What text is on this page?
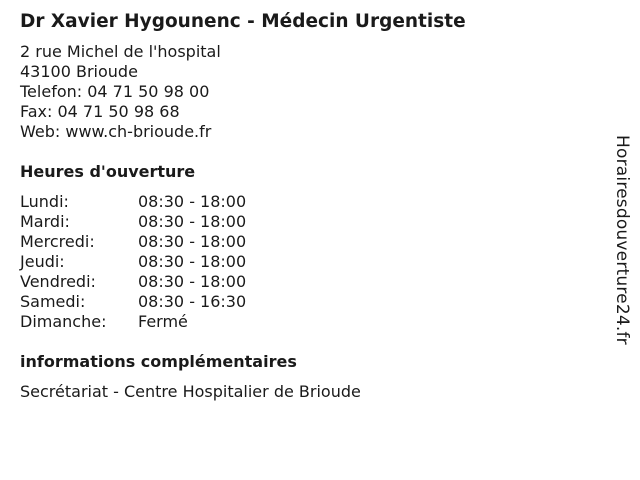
Dr Xavier Hygounenc - Médecin Urgentiste
2 rue Michel de l'hospital
43100 Brioude
Telefon: 04 71 50 98 00
Fax: 04 71 50 98 68
Web: www.ch-brioude.fr
Heures d'ouverture
Lundi:	08:30 - 18:00
Mardi:	08:30 - 18:00
Mercredi:	08:30 - 18:00
Jeudi:	08:30 - 18:00
Vendredi:	08:30 - 18:00
Samedi:	08:30 - 16:30
Dimanche:	Fermé
informations complémentaires
Secrétariat - Centre Hospitalier de Brioude
Horairesdouverture24.fr
